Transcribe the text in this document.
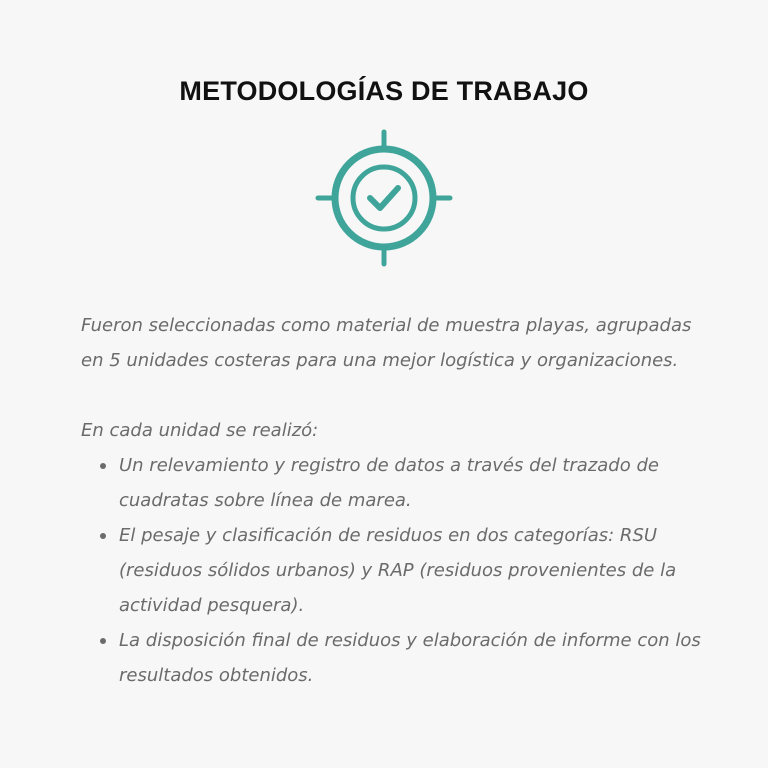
METODOLOGÍAS DE TRABAJO

Fueron seleccionadas como material de muestra playas, agrupadas en 5 unidades costeras para una mejor logística y organizaciones.

En cada unidad se realizó:

Un relevamiento y registro de datos a través del trazado de cuadratas sobre línea de marea.
El pesaje y clasificación de residuos en dos categorías: RSU (residuos sólidos urbanos) y RAP (residuos provenientes de la actividad pesquera).
La disposición final de residuos y elaboración de informe con los resultados obtenidos.
